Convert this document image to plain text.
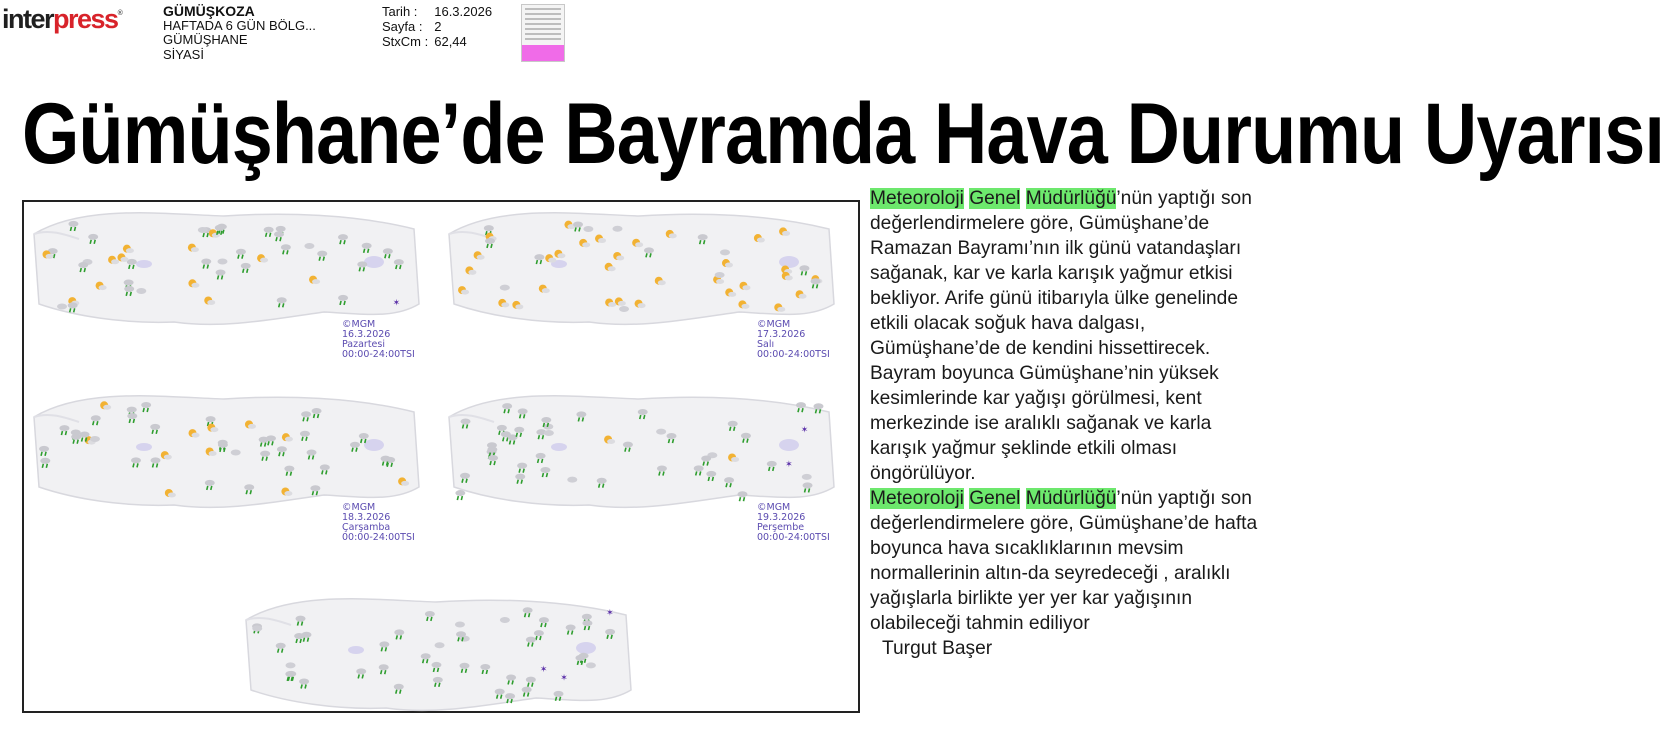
interpress®	GÜMÜŞKOZA
HAFTADA 6 GÜN BÖLG...
GÜMÜŞHANE
SİYASİ
Tarih :	16.3.2026
Sayfa :	2
StxCm :	62,44
Gümüşhane’de Bayramda Hava Durumu Uyarısı
✶
©MGM
16.3.2026
Pazartesi
00:00-24:00TSI
©MGM
17.3.2026
Salı
00:00-24:00TSI
©MGM
18.3.2026
Çarşamba
00:00-24:00TSI
✶
✶
©MGM
19.3.2026
Perşembe
00:00-24:00TSI
✶
✶
✶

Meteoroloji Genel Müdürlüğü’nün yaptığı son değerlendirmelere göre, Gümüşhane’de Ramazan Bayramı’nın ilk günü vatandaşları sağanak, kar ve karla karışık yağmur etkisi bekliyor. Arife günü itibarıyla ülke genelinde etkili olacak soğuk hava dalgası, Gümüşhane’de de kendini hissettirecek.

Bayram boyunca Gümüşhane’nin yüksek kesimlerinde kar yağışı görülmesi, kent merkezinde ise aralıklı sağanak ve karla karışık yağmur şeklinde etkili olması öngörülüyor.

Meteoroloji Genel Müdürlüğü’nün yaptığı son değerlendirmelere göre, Gümüşhane’de hafta boyunca hava sıcaklıklarının mevsim normallerinin altın-da seyredeceği , aralıklı yağışlarla birlikte yer yer kar yağışının olabileceği tahmin ediliyor

Turgut Başer
